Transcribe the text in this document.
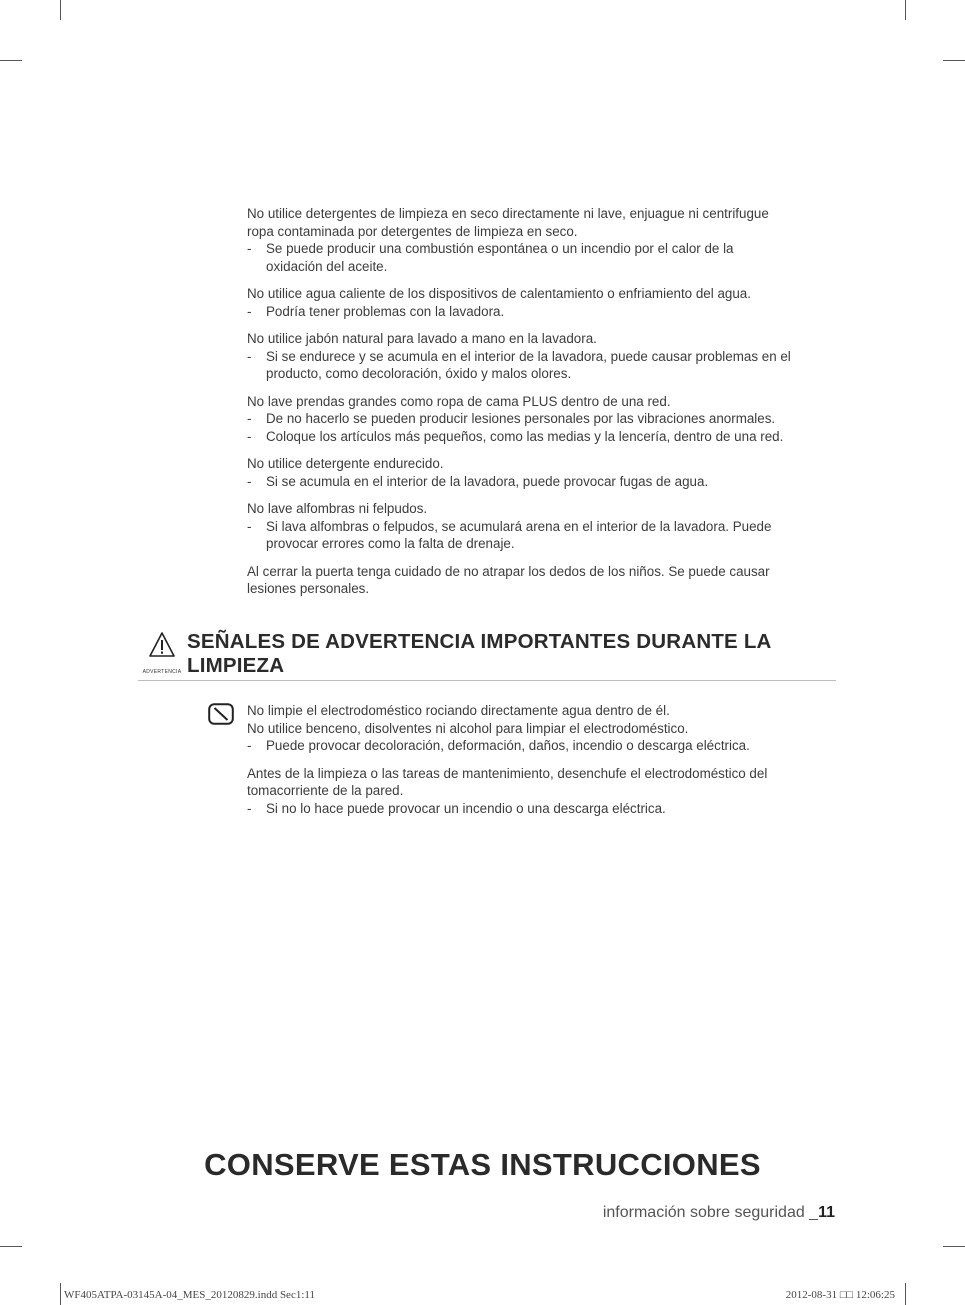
No utilice detergentes de limpieza en seco directamente ni lave, enjuague ni centrifugue

ropa contaminada por detergentes de limpieza en seco.

- Se puede producir una combustión espontánea o un incendio por el calor de la

oxidación del aceite.

No utilice agua caliente de los dispositivos de calentamiento o enfriamiento del agua.

- Podría tener problemas con la lavadora.

No utilice jabón natural para lavado a mano en la lavadora.

- Si se endurece y se acumula en el interior de la lavadora, puede causar problemas en el

producto, como decoloración, óxido y malos olores.

No lave prendas grandes como ropa de cama PLUS dentro de una red.

- De no hacerlo se pueden producir lesiones personales por las vibraciones anormales.

- Coloque los artículos más pequeños, como las medias y la lencería, dentro de una red.

No utilice detergente endurecido.

- Si se acumula en el interior de la lavadora, puede provocar fugas de agua.

No lave alfombras ni felpudos.

- Si lava alfombras o felpudos, se acumulará arena en el interior de la lavadora. Puede

provocar errores como la falta de drenaje.

Al cerrar la puerta tenga cuidado de no atrapar los dedos de los niños. Se puede causar

lesiones personales.

ADVERTENCIA
SEÑALES DE ADVERTENCIA IMPORTANTES DURANTE LA
LIMPIEZA

No limpie el electrodoméstico rociando directamente agua dentro de él.

No utilice benceno, disolventes ni alcohol para limpiar el electrodoméstico.

- Puede provocar decoloración, deformación, daños, incendio o descarga eléctrica.

Antes de la limpieza o las tareas de mantenimiento, desenchufe el electrodoméstico del

tomacorriente de la pared.

- Si no lo hace puede provocar un incendio o una descarga eléctrica.

CONSERVE ESTAS INSTRUCCIONES
información sobre seguridad _11
WF405ATPA-03145A-04_MES_20120829.indd Sec1:11	2012-08-31 □□ 12:06:25
